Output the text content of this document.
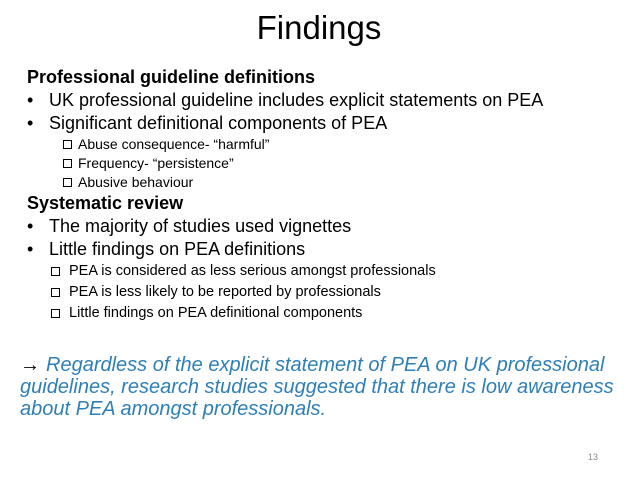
Findings
Professional guideline definitions
• UK professional guideline includes explicit statements on PEA
• Significant definitional components of PEA
Abuse consequence- “harmful”
Frequency- “persistence”
Abusive behaviour
Systematic review
• The majority of studies used vignettes
• Little findings on PEA definitions
PEA is considered as less serious amongst professionals
PEA is less likely to be reported by professionals
Little findings on PEA definitional components
→ Regardless of the explicit statement of PEA on UK professional guidelines, research studies suggested that there is low awareness about PEA amongst professionals.
13
